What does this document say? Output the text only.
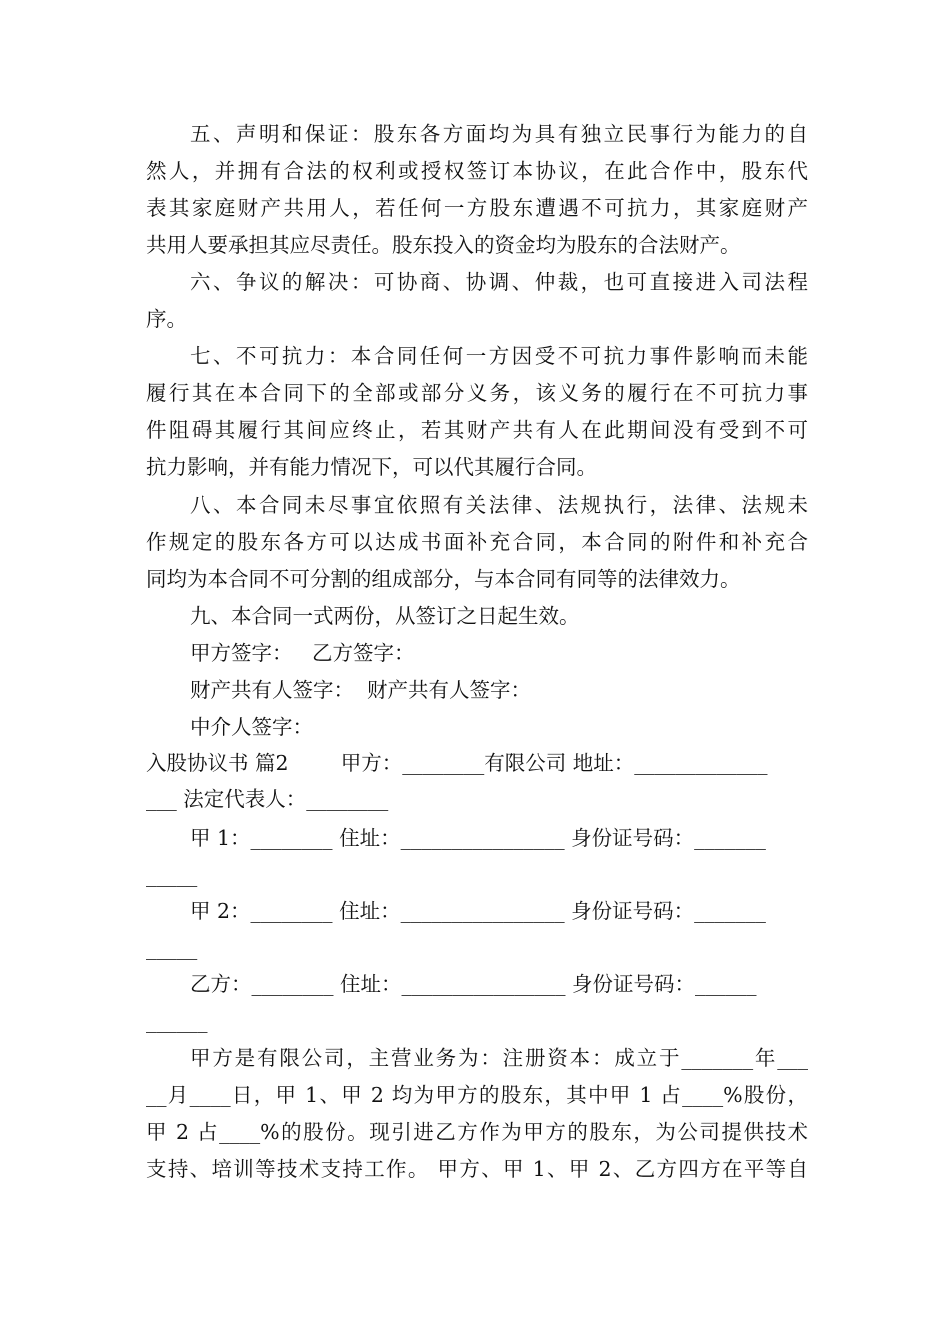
五、声明和保证：股东各方面均为具有独立民事行为能力的自
然人，并拥有合法的权利或授权签订本协议，在此合作中，股东代
表其家庭财产共用人，若任何一方股东遭遇不可抗力，其家庭财产
共用人要承担其应尽责任。股东投入的资金均为股东的合法财产。
六、争议的解决：可协商、协调、仲裁，也可直接进入司法程
序。
七、不可抗力：本合同任何一方因受不可抗力事件影响而未能
履行其在本合同下的全部或部分义务，该义务的履行在不可抗力事
件阻碍其履行其间应终止，若其财产共有人在此期间没有受到不可
抗力影响，并有能力情况下，可以代其履行合同。
八、本合同未尽事宜依照有关法律、法规执行，法律、法规未
作规定的股东各方可以达成书面补充合同，本合同的附件和补充合
同均为本合同不可分割的组成部分，与本合同有同等的法律效力。
九、本合同一式两份，从签订之日起生效。
甲方签字：   乙方签字：
财产共有人签字：  财产共有人签字：
中介人签字：
入股协议书 篇2        甲方：________有限公司 地址：_____________
___ 法定代表人：________
甲 1：________ 住址：________________ 身份证号码：_______
_____
甲 2：________ 住址：________________ 身份证号码：_______
_____
乙方：________ 住址：________________ 身份证号码：______
______
甲方是有限公司，主营业务为：注册资本：成立于_______年___
__月____日，甲 1、甲 2 均为甲方的股东，其中甲 1 占____%股份，
甲 2 占____%的股份。现引进乙方作为甲方的股东，为公司提供技术
支持、培训等技术支持工作。 甲方、甲 1、甲 2、乙方四方在平等自
